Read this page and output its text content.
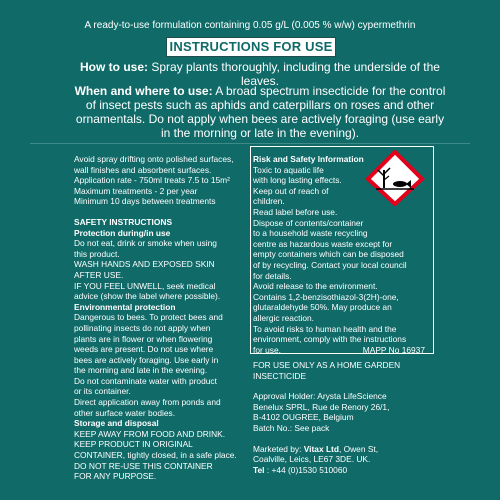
A ready-to-use formulation containing 0.05 g/L (0.005 % w/w) cypermethrin
INSTRUCTIONS FOR USE
How to use: Spray plants thoroughly, including the underside of the leaves.
When and where to use: A broad spectrum insecticide for the control of insect pests such as aphids and caterpillars on roses and other ornamentals. Do not apply when bees are actively foraging (use early in the morning or late in the evening).
Avoid spray drifting onto polished surfaces,
wall finishes and absorbent surfaces.
Application rate - 750ml treats 7.5 to 15m²
Maximum treatments - 2 per year
Minimum 10 days between treatments
SAFETY INSTRUCTIONS
Protection during/in use
Do not eat, drink or smoke when using
this product.
WASH HANDS AND EXPOSED SKIN
AFTER USE.
IF YOU FEEL UNWELL, seek medical
advice (show the label where possible).
Environmental protection
Dangerous to bees. To protect bees and
pollinating insects do not apply when
plants are in flower or when flowering
weeds are present. Do not use where
bees are actively foraging. Use early in
the morning and late in the evening.
Do not contaminate water with product
or its container.
Direct application away from ponds and
other surface water bodies.
Storage and disposal
KEEP AWAY FROM FOOD AND DRINK.
KEEP PRODUCT IN ORIGINAL
CONTAINER, tightly closed, in a safe place.
DO NOT RE-USE THIS CONTAINER
FOR ANY PURPOSE.
Risk and Safety Information
Toxic to aquatic life
with long lasting effects.
Keep out of reach of
children.
Read label before use.
Dispose of contents/container
to a household waste recycling
centre as hazardous waste except for
empty containers which can be disposed
of by recycling. Contact your local council
for details.
Avoid release to the environment.
Contains 1,2-benzisothiazol-3(2H)-one,
glutaraldehyde 50%. May produce an
allergic reaction.
To avoid risks to human health and the
environment, comply with the instructions
for use.	MAPP No 16937
FOR USE ONLY AS A HOME GARDEN
INSECTICIDE
Approval Holder: Arysta LifeScience
Benelux SPRL, Rue de Renory 26/1,
B-4102 OUGREE, Belgium
Batch No.: See pack
Marketed by: Vitax Ltd, Owen St,
Coalville, Leics, LE67 3DE. UK.
Tel : +44 (0)1530 510060
